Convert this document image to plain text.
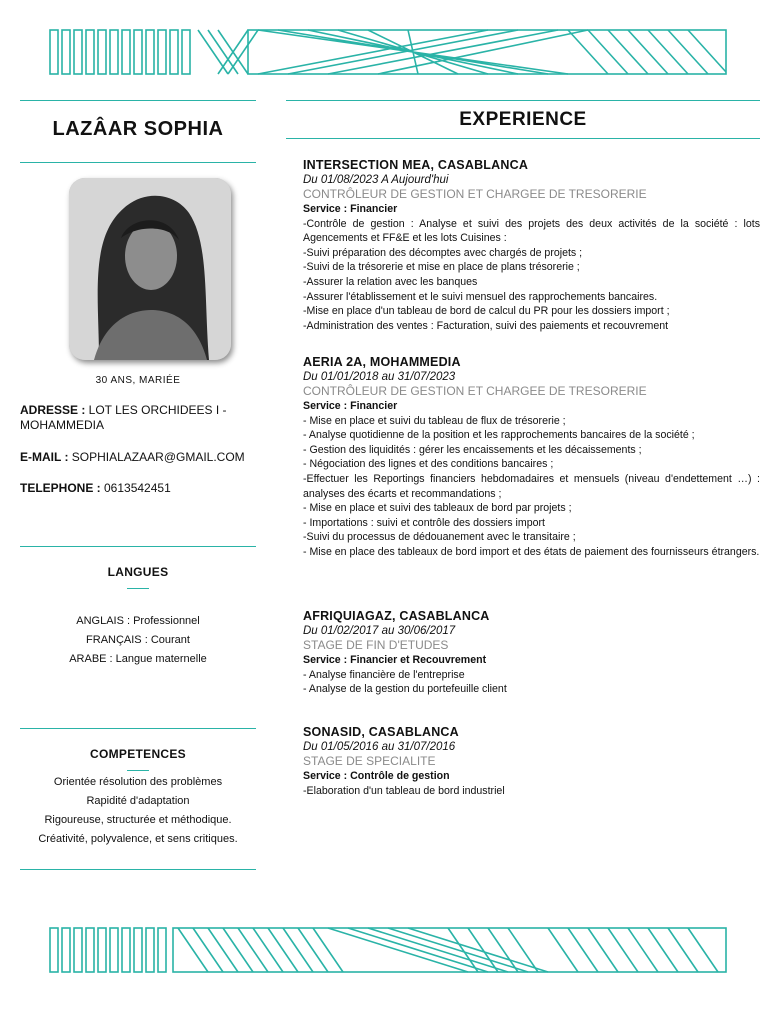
LAZÂAR SOPHIA
30 ANS, MARIÉE
ADRESSE : LOT LES ORCHIDEES I - MOHAMMEDIA
E-MAIL : SOPHIALAZAAR@GMAIL.COM
TELEPHONE : 0613542451
LANGUES
ANGLAIS : Professionnel
FRANÇAIS : Courant
ARABE : Langue maternelle
COMPETENCES
Orientée résolution des problèmes
Rapidité d'adaptation
Rigoureuse, structurée et méthodique.
Créativité, polyvalence, et sens critiques.
EXPERIENCE
INTERSECTION MEA, CASABLANCA
Du 01/08/2023 A Aujourd'hui
CONTRÔLEUR DE GESTION ET CHARGEE DE TRESORERIE
Service : Financier
-Contrôle de gestion : Analyse et suivi des projets des deux activités de la société : lots Agencements et FF&E et les lots Cuisines :
-Suivi préparation des décomptes avec chargés de projets ;
-Suivi de la trésorerie et mise en place de plans trésorerie ;
-Assurer la relation avec les banques
-Assurer l'établissement et le suivi mensuel des rapprochements bancaires.
-Mise en place d'un tableau de bord de calcul du PR pour les dossiers import ;
-Administration des ventes : Facturation, suivi des paiements et recouvrement
AERIA 2A, MOHAMMEDIA
Du 01/01/2018 au 31/07/2023
CONTRÔLEUR DE GESTION ET CHARGEE DE TRESORERIE
Service : Financier
- Mise en place et suivi du tableau de flux de trésorerie ;
- Analyse quotidienne de la position et les rapprochements bancaires de la société ;
- Gestion des liquidités : gérer les encaissements et les décaissements ;
- Négociation des lignes et des conditions bancaires ;
-Effectuer les Reportings financiers hebdomadaires et mensuels (niveau d'endettement …) : analyses des écarts et recommandations ;
- Mise en place et suivi des tableaux de bord par projets ;
- Importations : suivi et contrôle des dossiers import
-Suivi du processus de dédouanement avec le transitaire ;
- Mise en place des tableaux de bord import et des états de paiement des fournisseurs étrangers.
AFRIQUIAGAZ, CASABLANCA
Du 01/02/2017 au 30/06/2017
STAGE DE FIN D'ETUDES
Service : Financier et Recouvrement
- Analyse financière de l'entreprise
- Analyse de la gestion du portefeuille client
SONASID, CASABLANCA
Du 01/05/2016 au 31/07/2016
STAGE DE SPECIALITE
Service : Contrôle de gestion
-Elaboration d'un tableau de bord industriel
